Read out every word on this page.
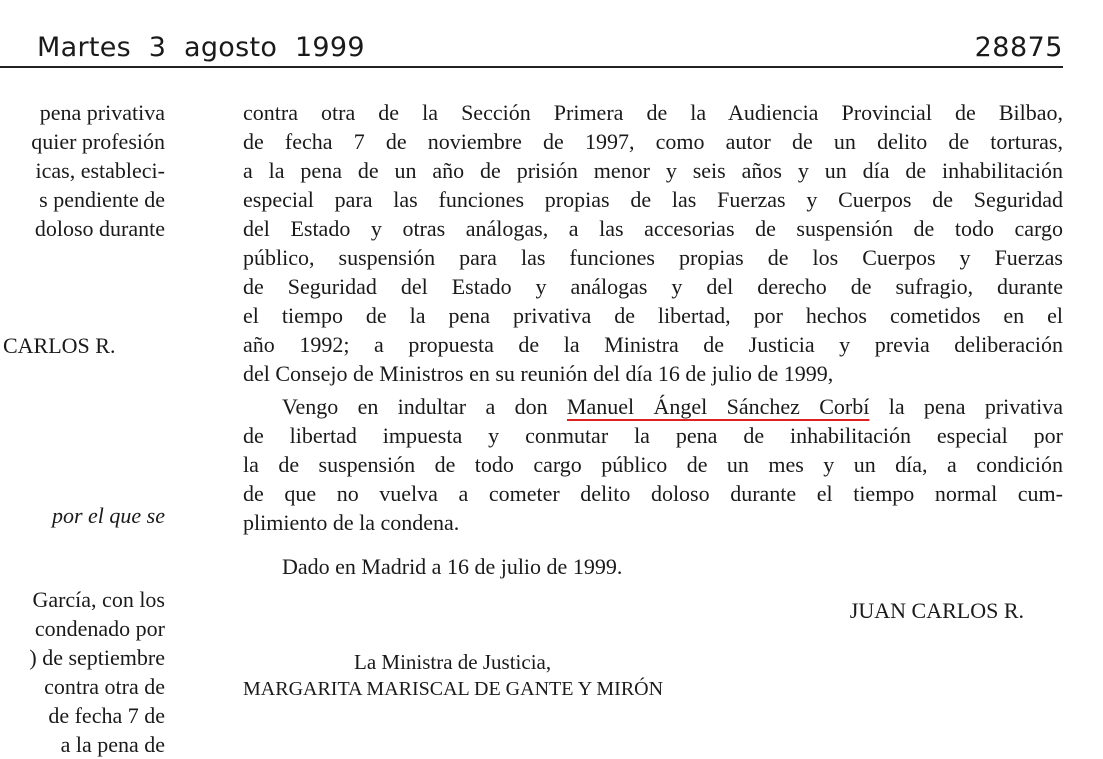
Martes  3  agosto  1999	28875
pena privativa
quier profesión
icas, estableci-
s pendiente de
doloso durante
CARLOS R.
por el que se
García, con los
condenado por
) de septiembre
contra otra de
de fecha 7 de
a la pena de
contra otra de la Sección Primera de la Audiencia Provincial de Bilbao,
de fecha 7 de noviembre de 1997, como autor de un delito de torturas,
a la pena de un año de prisión menor y seis años y un día de inhabilitación
especial para las funciones propias de las Fuerzas y Cuerpos de Seguridad
del Estado y otras análogas, a las accesorias de suspensión de todo cargo
público, suspensión para las funciones propias de los Cuerpos y Fuerzas
de Seguridad del Estado y análogas y del derecho de sufragio, durante
el tiempo de la pena privativa de libertad, por hechos cometidos en el
año 1992; a propuesta de la Ministra de Justicia y previa deliberación
del Consejo de Ministros en su reunión del día 16 de julio de 1999,
Vengo en indultar a don Manuel Ángel Sánchez Corbí la pena privativa
de libertad impuesta y conmutar la pena de inhabilitación especial por
la de suspensión de todo cargo público de un mes y un día, a condición
de que no vuelva a cometer delito doloso durante el tiempo normal cum-
plimiento de la condena.
Dado en Madrid a 16 de julio de 1999.
JUAN CARLOS R.
La Ministra de Justicia,
MARGARITA MARISCAL DE GANTE Y MIRÓN
